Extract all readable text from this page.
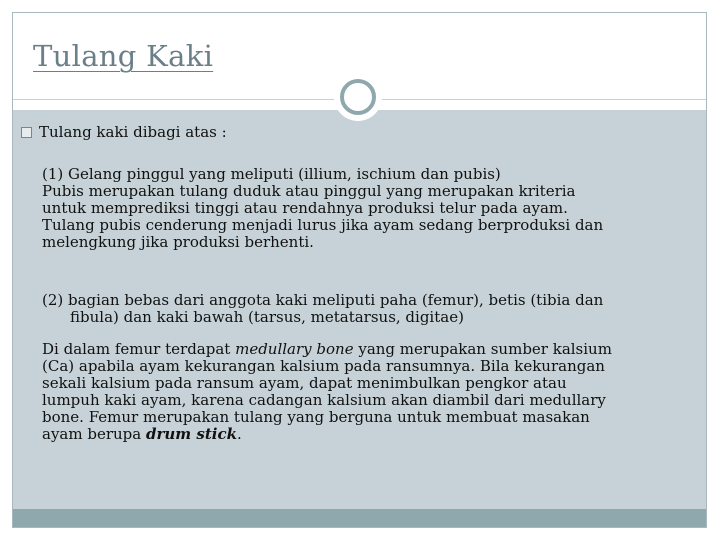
Tulang Kaki
Tulang kaki dibagi atas :
(1) Gelang pinggul yang meliputi (illium, ischium dan pubis)
Pubis merupakan tulang duduk atau pinggul yang merupakan kriteria
untuk memprediksi tinggi atau rendahnya produksi telur pada ayam.
Tulang pubis cenderung menjadi lurus jika ayam sedang berproduksi dan
melengkung jika produksi berhenti.
(2) bagian bebas dari anggota kaki meliputi paha (femur), betis (tibia dan
fibula) dan kaki bawah (tarsus, metatarsus, digitae)
Di dalam femur terdapat medullary bone yang merupakan sumber kalsium
(Ca) apabila ayam kekurangan kalsium pada ransumnya. Bila kekurangan
sekali kalsium pada ransum ayam, dapat menimbulkan pengkor atau
lumpuh kaki ayam, karena cadangan kalsium akan diambil dari medullary
bone. Femur merupakan tulang yang berguna untuk membuat masakan
ayam berupa drum stick.
